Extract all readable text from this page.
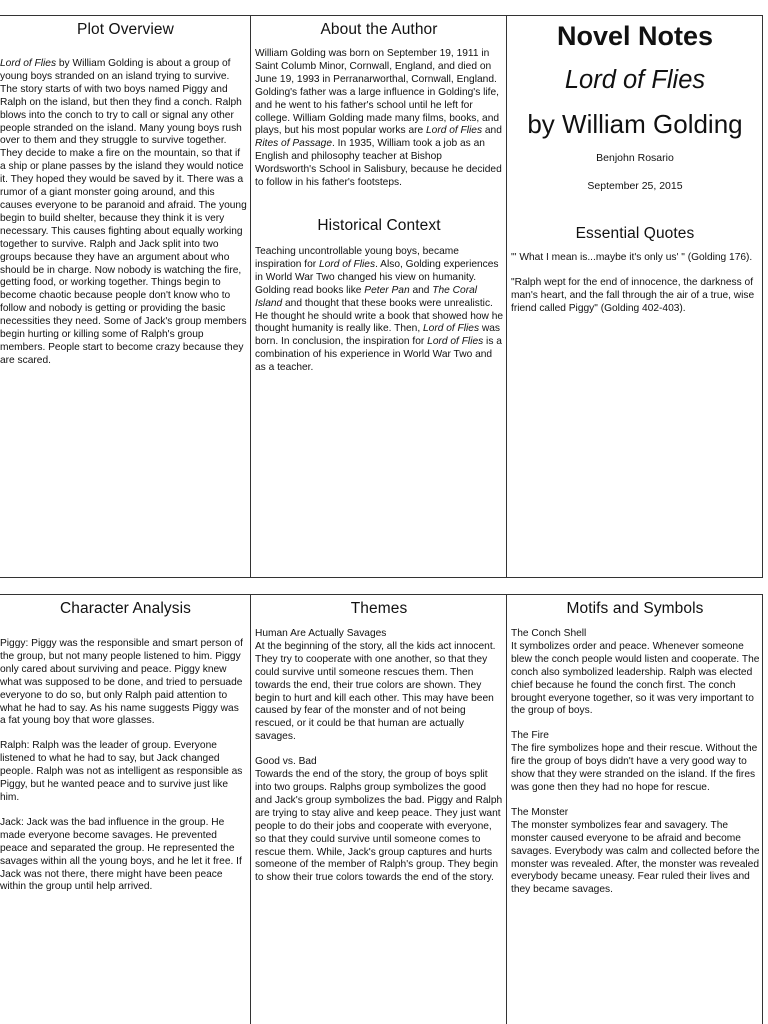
Plot Overview
Lord of Flies by William Golding is about a group of young boys stranded on an island trying to survive. The story starts of with two boys named Piggy and Ralph on the island, but then they find a conch. Ralph blows into the conch to try to call or signal any other people stranded on the island. Many young boys rush over to them and they struggle to survive together. They decide to make a fire on the mountain, so that if a ship or plane passes by the island they would notice it. They hoped they would be saved by it. There was a rumor of a giant monster going around, and this causes everyone to be paranoid and afraid. The young begin to build shelter, because they think it is very necessary. This causes fighting about equally working together to survive. Ralph and Jack split into two groups because they have an argument about who should be in charge. Now nobody is watching the fire, getting food, or working together. Things begin to become chaotic because people don't know who to follow and nobody is getting or providing the basic necessities they need. Some of Jack's group members begin hurting or killing some of Ralph's group members. People start to become crazy because they are scared.
About the Author
William Golding was born on September 19, 1911 in Saint Columb Minor, Cornwall, England, and died on June 19, 1993 in Perranarworthal, Cornwall, England. Golding's father was a large influence in Golding's life, and he went to his father's school until he left for college. William Golding made many films, books, and plays, but his most popular works are Lord of Flies and Rites of Passage. In 1935, William took a job as an English and philosophy teacher at Bishop Wordsworth's School in Salisbury, because he decided to follow in his father's footsteps.
Historical Context
Teaching uncontrollable young boys, became inspiration for Lord of Flies. Also, Golding experiences in World War Two changed his view on humanity. Golding read books like Peter Pan and The Coral Island and thought that these books were unrealistic. He thought he should write a book that showed how he thought humanity is really like. Then, Lord of Flies was born. In conclusion, the inspiration for Lord of Flies is a combination of his experience in World War Two and as a teacher.
Novel Notes
Lord of Flies
by William Golding
Benjohn Rosario
September 25, 2015
Essential Quotes

"' What I mean is...maybe it's only us' " (Golding 176).

"Ralph wept for the end of innocence, the darkness of man's heart, and the fall through the air of a true, wise friend called Piggy" (Golding 402-403).

Character Analysis

Piggy: Piggy was the responsible and smart person of the group, but not many people listened to him. Piggy only cared about surviving and peace. Piggy knew what was supposed to be done, and tried to persuade everyone to do so, but only Ralph paid attention to what he had to say. As his name suggests Piggy was a fat young boy that wore glasses.

Ralph: Ralph was the leader of group. Everyone listened to what he had to say, but Jack changed people. Ralph was not as intelligent as responsible as Piggy, but he wanted peace and to survive just like him.

Jack: Jack was the bad influence in the group. He made everyone become savages. He prevented peace and separated the group. He represented the savages within all the young boys, and he let it free. If Jack was not there, there might have been peace within the group until help arrived.

Themes

Human Are Actually Savages
At the beginning of the story, all the kids act innocent. They try to cooperate with one another, so that they could survive until someone rescues them. Then towards the end, their true colors are shown. They begin to hurt and kill each other. This may have been caused by fear of the monster and of not being rescued, or it could be that human are actually savages.

Good vs. Bad
Towards the end of the story, the group of boys split into two groups. Ralphs group symbolizes the good and Jack's group symbolizes the bad. Piggy and Ralph are trying to stay alive and keep peace. They just want people to do their jobs and cooperate with everyone, so that they could survive until someone comes to rescue them. While, Jack's group captures and hurts someone of the member of Ralph's group. They begin to show their true colors towards the end of the story.

Motifs and Symbols

The Conch Shell
It symbolizes order and peace. Whenever someone blew the conch people would listen and cooperate. The conch also symbolized leadership. Ralph was elected chief because he found the conch first. The conch brought everyone together, so it was very important to the group of boys.

The Fire
The fire symbolizes hope and their rescue. Without the fire the group of boys didn't have a very good way to show that they were stranded on the island. If the fires was gone then they had no hope for rescue.

The Monster
The monster symbolizes fear and savagery. The monster caused everyone to be afraid and become savages. Everybody was calm and collected before the monster was revealed. After, the monster was revealed everybody became uneasy. Fear ruled their lives and they became savages.
